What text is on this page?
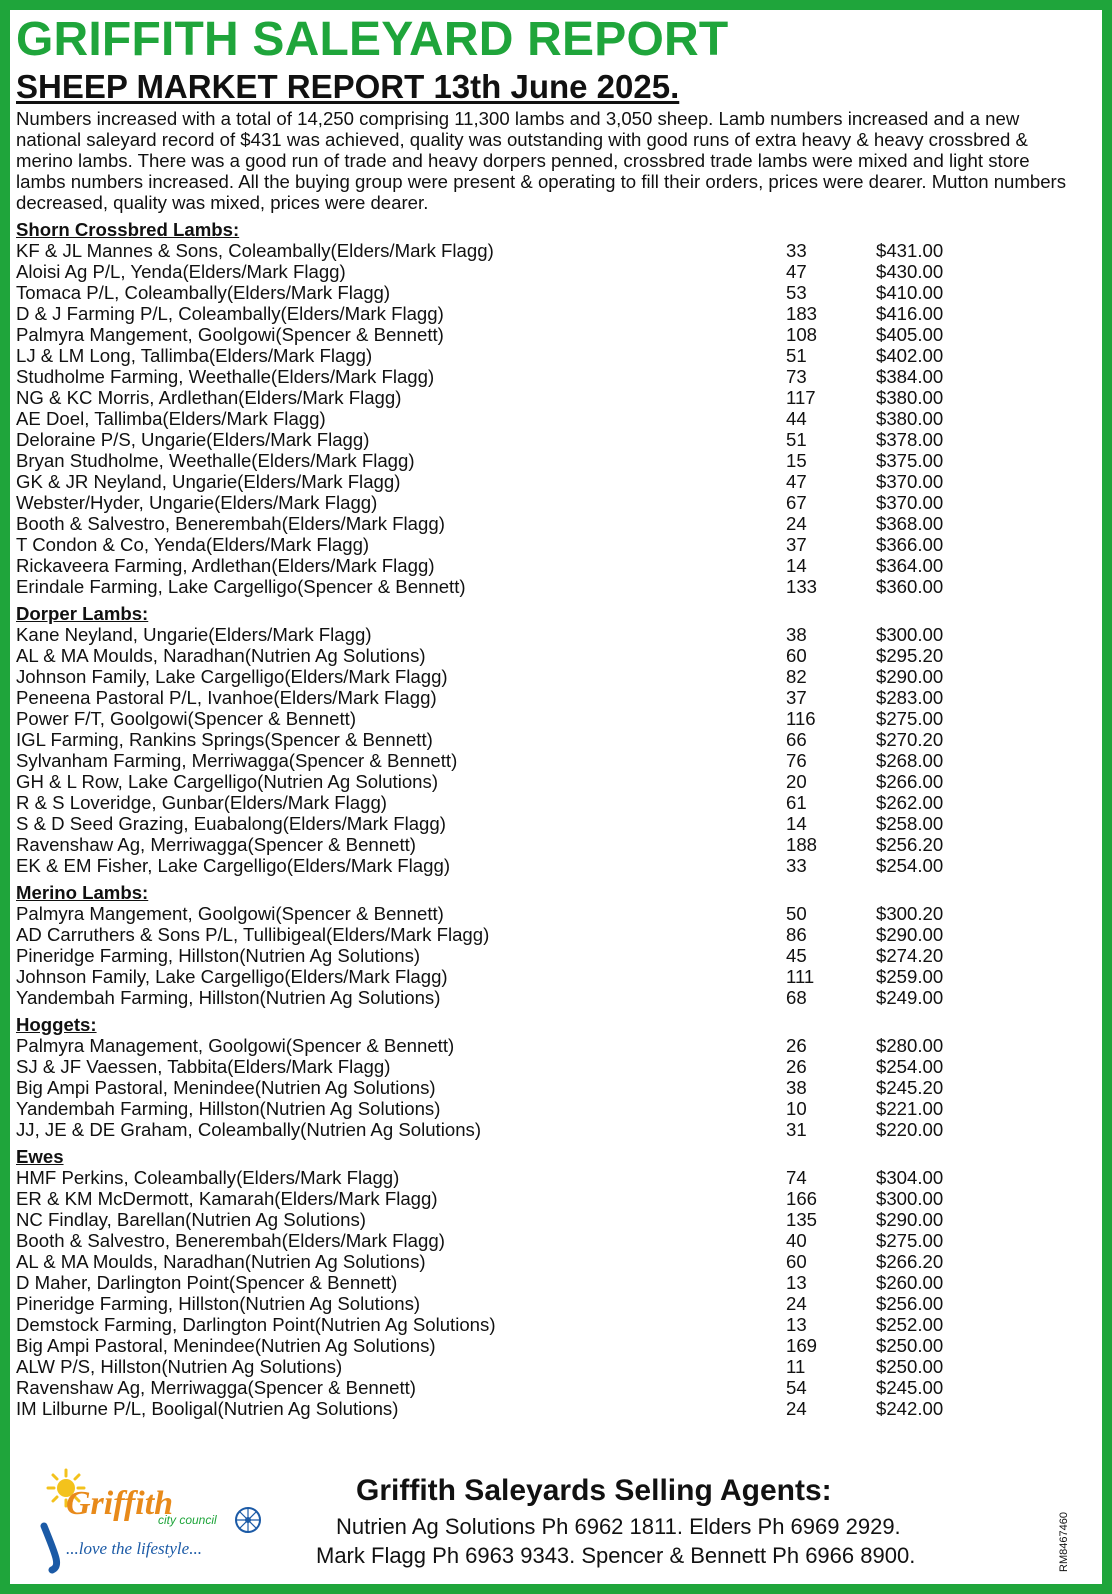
GRIFFITH SALEYARD REPORT
SHEEP MARKET REPORT 13th June 2025.

Numbers increased with a total of 14,250 comprising 11,300 lambs and 3,050 sheep. Lamb numbers increased and a new national saleyard record of $431 was achieved, quality was outstanding with good runs of extra heavy & heavy crossbred & merino lambs. There was a good run of trade and heavy dorpers penned, crossbred trade lambs were mixed and light store lambs numbers increased. All the buying group were present & operating to fill their orders, prices were dearer. Mutton numbers decreased, quality was mixed, prices were dearer.

Shorn Crossbred Lambs:
KF & JL Mannes & Sons, Coleambally(Elders/Mark Flagg)	33	$431.00
Aloisi Ag P/L, Yenda(Elders/Mark Flagg)	47	$430.00
Tomaca P/L, Coleambally(Elders/Mark Flagg)	53	$410.00
D & J Farming P/L, Coleambally(Elders/Mark Flagg)	183	$416.00
Palmyra Mangement, Goolgowi(Spencer & Bennett)	108	$405.00
LJ & LM Long, Tallimba(Elders/Mark Flagg)	51	$402.00
Studholme Farming, Weethalle(Elders/Mark Flagg)	73	$384.00
NG & KC Morris, Ardlethan(Elders/Mark Flagg)	117	$380.00
AE Doel, Tallimba(Elders/Mark Flagg)	44	$380.00
Deloraine P/S, Ungarie(Elders/Mark Flagg)	51	$378.00
Bryan Studholme, Weethalle(Elders/Mark Flagg)	15	$375.00
GK & JR Neyland, Ungarie(Elders/Mark Flagg)	47	$370.00
Webster/Hyder, Ungarie(Elders/Mark Flagg)	67	$370.00
Booth & Salvestro, Benerembah(Elders/Mark Flagg)	24	$368.00
T Condon & Co, Yenda(Elders/Mark Flagg)	37	$366.00
Rickaveera Farming, Ardlethan(Elders/Mark Flagg)	14	$364.00
Erindale Farming, Lake Cargelligo(Spencer & Bennett)	133	$360.00
Dorper Lambs:
Kane Neyland, Ungarie(Elders/Mark Flagg)	38	$300.00
AL & MA Moulds, Naradhan(Nutrien Ag Solutions)	60	$295.20
Johnson Family, Lake Cargelligo(Elders/Mark Flagg)	82	$290.00
Peneena Pastoral P/L, Ivanhoe(Elders/Mark Flagg)	37	$283.00
Power F/T, Goolgowi(Spencer & Bennett)	116	$275.00
IGL Farming, Rankins Springs(Spencer & Bennett)	66	$270.20
Sylvanham Farming, Merriwagga(Spencer & Bennett)	76	$268.00
GH & L Row, Lake Cargelligo(Nutrien Ag Solutions)	20	$266.00
R & S Loveridge, Gunbar(Elders/Mark Flagg)	61	$262.00
S & D Seed Grazing, Euabalong(Elders/Mark Flagg)	14	$258.00
Ravenshaw Ag, Merriwagga(Spencer & Bennett)	188	$256.20
EK & EM Fisher, Lake Cargelligo(Elders/Mark Flagg)	33	$254.00
Merino Lambs:
Palmyra Mangement, Goolgowi(Spencer & Bennett)	50	$300.20
AD Carruthers & Sons P/L, Tullibigeal(Elders/Mark Flagg)	86	$290.00
Pineridge Farming, Hillston(Nutrien Ag Solutions)	45	$274.20
Johnson Family, Lake Cargelligo(Elders/Mark Flagg)	111	$259.00
Yandembah Farming, Hillston(Nutrien Ag Solutions)	68	$249.00
Hoggets:
Palmyra Management, Goolgowi(Spencer & Bennett)	26	$280.00
SJ & JF Vaessen, Tabbita(Elders/Mark Flagg)	26	$254.00
Big Ampi Pastoral, Menindee(Nutrien Ag Solutions)	38	$245.20
Yandembah Farming, Hillston(Nutrien Ag Solutions)	10	$221.00
JJ, JE & DE Graham, Coleambally(Nutrien Ag Solutions)	31	$220.00
Ewes
HMF Perkins, Coleambally(Elders/Mark Flagg)	74	$304.00
ER & KM McDermott, Kamarah(Elders/Mark Flagg)	166	$300.00
NC Findlay, Barellan(Nutrien Ag Solutions)	135	$290.00
Booth & Salvestro, Benerembah(Elders/Mark Flagg)	40	$275.00
AL & MA Moulds, Naradhan(Nutrien Ag Solutions)	60	$266.20
D Maher, Darlington Point(Spencer & Bennett)	13	$260.00
Pineridge Farming, Hillston(Nutrien Ag Solutions)	24	$256.00
Demstock Farming, Darlington Point(Nutrien Ag Solutions)	13	$252.00
Big Ampi Pastoral, Menindee(Nutrien Ag Solutions)	169	$250.00
ALW P/S, Hillston(Nutrien Ag Solutions)	11	$250.00
Ravenshaw Ag, Merriwagga(Spencer & Bennett)	54	$245.00
IM Lilburne P/L, Booligal(Nutrien Ag Solutions)	24	$242.00
Griffith
city council
...love the lifestyle...
Griffith Saleyards Selling Agents:
Nutrien Ag Solutions Ph 6962 1811. Elders Ph 6969 2929.
Mark Flagg Ph 6963 9343. Spencer & Bennett Ph 6966 8900.	RM8467460
